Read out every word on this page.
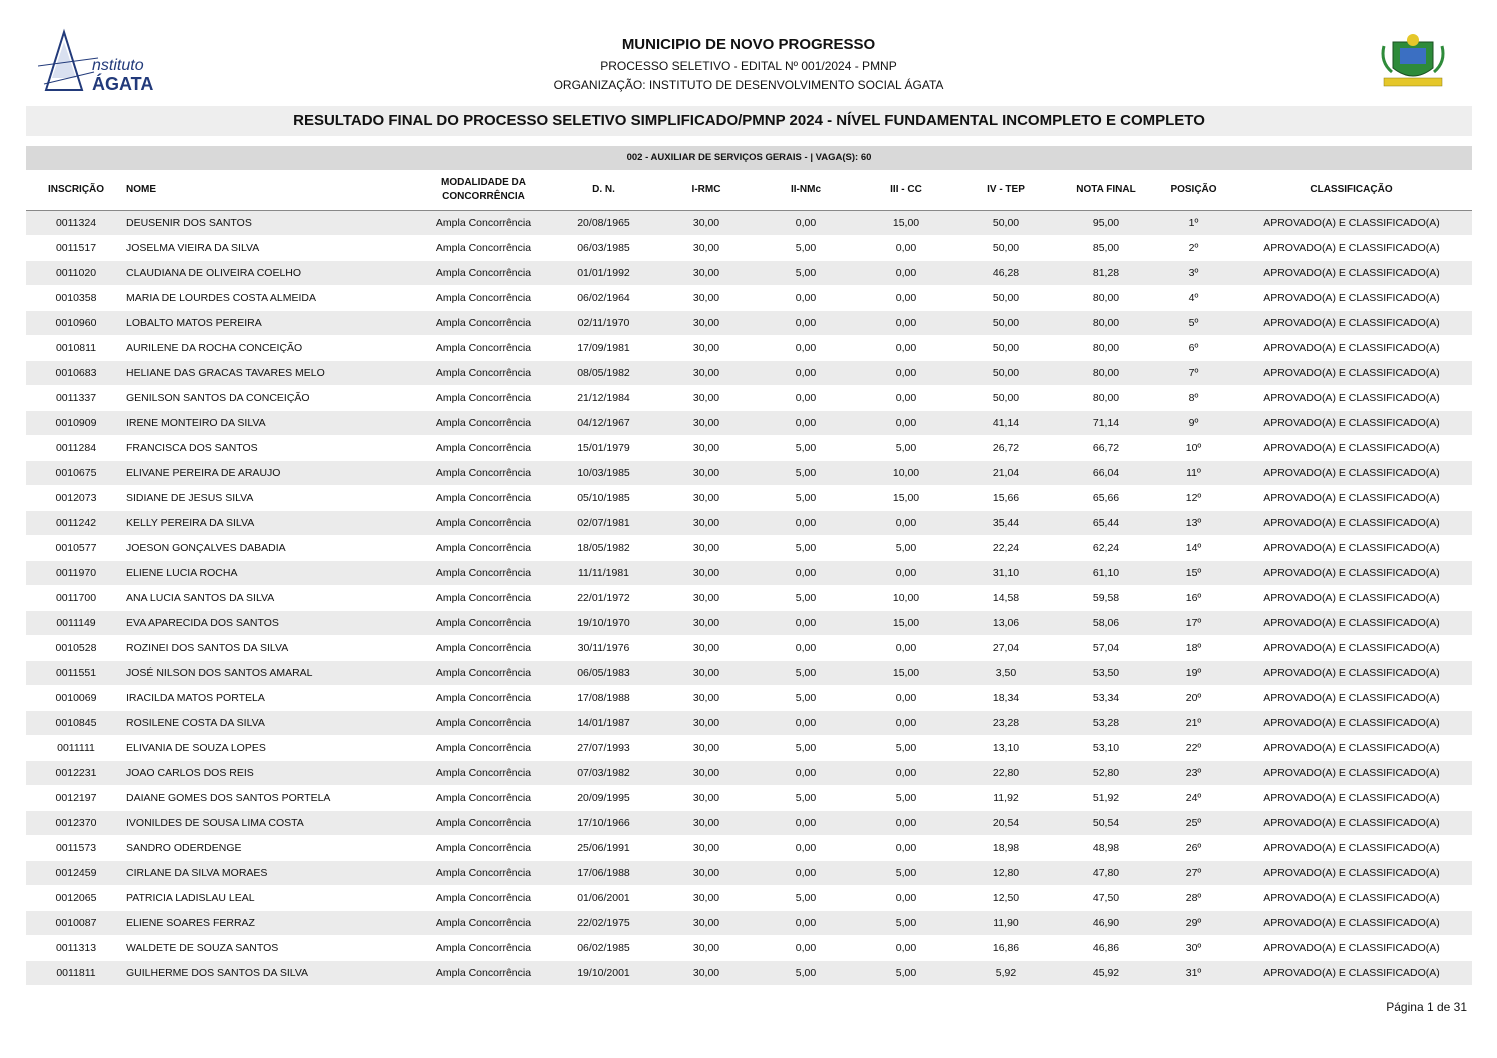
nstituto
ÁGATA
MUNICIPIO DE NOVO PROGRESSO
PROCESSO SELETIVO - EDITAL Nº 001/2024 - PMNP
ORGANIZAÇÃO: INSTITUTO DE DESENVOLVIMENTO SOCIAL ÁGATA
RESULTADO FINAL DO PROCESSO SELETIVO SIMPLIFICADO/PMNP 2024 - NÍVEL FUNDAMENTAL INCOMPLETO E COMPLETO
002 - AUXILIAR DE SERVIÇOS GERAIS - | VAGA(S): 60
INSCRIÇÃO	NOME	MODALIDADE DA CONCORRÊNCIA	D. N.	I-RMC	II-NMc	III - CC	IV - TEP	NOTA FINAL	POSIÇÃO	CLASSIFICAÇÃO
0011324	DEUSENIR DOS SANTOS	Ampla Concorrência	20/08/1965	30,00	0,00	15,00	50,00	95,00	1º	APROVADO(A) E CLASSIFICADO(A)
0011517	JOSELMA VIEIRA DA SILVA	Ampla Concorrência	06/03/1985	30,00	5,00	0,00	50,00	85,00	2º	APROVADO(A) E CLASSIFICADO(A)
0011020	CLAUDIANA DE OLIVEIRA COELHO	Ampla Concorrência	01/01/1992	30,00	5,00	0,00	46,28	81,28	3º	APROVADO(A) E CLASSIFICADO(A)
0010358	MARIA DE LOURDES COSTA ALMEIDA	Ampla Concorrência	06/02/1964	30,00	0,00	0,00	50,00	80,00	4º	APROVADO(A) E CLASSIFICADO(A)
0010960	LOBALTO MATOS PEREIRA	Ampla Concorrência	02/11/1970	30,00	0,00	0,00	50,00	80,00	5º	APROVADO(A) E CLASSIFICADO(A)
0010811	AURILENE DA ROCHA CONCEIÇÃO	Ampla Concorrência	17/09/1981	30,00	0,00	0,00	50,00	80,00	6º	APROVADO(A) E CLASSIFICADO(A)
0010683	HELIANE DAS GRACAS TAVARES MELO	Ampla Concorrência	08/05/1982	30,00	0,00	0,00	50,00	80,00	7º	APROVADO(A) E CLASSIFICADO(A)
0011337	GENILSON SANTOS DA CONCEIÇÃO	Ampla Concorrência	21/12/1984	30,00	0,00	0,00	50,00	80,00	8º	APROVADO(A) E CLASSIFICADO(A)
0010909	IRENE MONTEIRO DA SILVA	Ampla Concorrência	04/12/1967	30,00	0,00	0,00	41,14	71,14	9º	APROVADO(A) E CLASSIFICADO(A)
0011284	FRANCISCA DOS SANTOS	Ampla Concorrência	15/01/1979	30,00	5,00	5,00	26,72	66,72	10º	APROVADO(A) E CLASSIFICADO(A)
0010675	ELIVANE PEREIRA DE ARAUJO	Ampla Concorrência	10/03/1985	30,00	5,00	10,00	21,04	66,04	11º	APROVADO(A) E CLASSIFICADO(A)
0012073	SIDIANE DE JESUS SILVA	Ampla Concorrência	05/10/1985	30,00	5,00	15,00	15,66	65,66	12º	APROVADO(A) E CLASSIFICADO(A)
0011242	KELLY PEREIRA DA SILVA	Ampla Concorrência	02/07/1981	30,00	0,00	0,00	35,44	65,44	13º	APROVADO(A) E CLASSIFICADO(A)
0010577	JOESON GONÇALVES DABADIA	Ampla Concorrência	18/05/1982	30,00	5,00	5,00	22,24	62,24	14º	APROVADO(A) E CLASSIFICADO(A)
0011970	ELIENE LUCIA ROCHA	Ampla Concorrência	11/11/1981	30,00	0,00	0,00	31,10	61,10	15º	APROVADO(A) E CLASSIFICADO(A)
0011700	ANA LUCIA SANTOS DA SILVA	Ampla Concorrência	22/01/1972	30,00	5,00	10,00	14,58	59,58	16º	APROVADO(A) E CLASSIFICADO(A)
0011149	EVA APARECIDA DOS SANTOS	Ampla Concorrência	19/10/1970	30,00	0,00	15,00	13,06	58,06	17º	APROVADO(A) E CLASSIFICADO(A)
0010528	ROZINEI DOS SANTOS DA SILVA	Ampla Concorrência	30/11/1976	30,00	0,00	0,00	27,04	57,04	18º	APROVADO(A) E CLASSIFICADO(A)
0011551	JOSÉ NILSON DOS SANTOS AMARAL	Ampla Concorrência	06/05/1983	30,00	5,00	15,00	3,50	53,50	19º	APROVADO(A) E CLASSIFICADO(A)
0010069	IRACILDA MATOS PORTELA	Ampla Concorrência	17/08/1988	30,00	5,00	0,00	18,34	53,34	20º	APROVADO(A) E CLASSIFICADO(A)
0010845	ROSILENE COSTA DA SILVA	Ampla Concorrência	14/01/1987	30,00	0,00	0,00	23,28	53,28	21º	APROVADO(A) E CLASSIFICADO(A)
0011111	ELIVANIA DE SOUZA LOPES	Ampla Concorrência	27/07/1993	30,00	5,00	5,00	13,10	53,10	22º	APROVADO(A) E CLASSIFICADO(A)
0012231	JOAO CARLOS DOS REIS	Ampla Concorrência	07/03/1982	30,00	0,00	0,00	22,80	52,80	23º	APROVADO(A) E CLASSIFICADO(A)
0012197	DAIANE GOMES DOS SANTOS PORTELA	Ampla Concorrência	20/09/1995	30,00	5,00	5,00	11,92	51,92	24º	APROVADO(A) E CLASSIFICADO(A)
0012370	IVONILDES DE SOUSA LIMA COSTA	Ampla Concorrência	17/10/1966	30,00	0,00	0,00	20,54	50,54	25º	APROVADO(A) E CLASSIFICADO(A)
0011573	SANDRO ODERDENGE	Ampla Concorrência	25/06/1991	30,00	0,00	0,00	18,98	48,98	26º	APROVADO(A) E CLASSIFICADO(A)
0012459	CIRLANE DA SILVA MORAES	Ampla Concorrência	17/06/1988	30,00	0,00	5,00	12,80	47,80	27º	APROVADO(A) E CLASSIFICADO(A)
0012065	PATRICIA LADISLAU LEAL	Ampla Concorrência	01/06/2001	30,00	5,00	0,00	12,50	47,50	28º	APROVADO(A) E CLASSIFICADO(A)
0010087	ELIENE SOARES FERRAZ	Ampla Concorrência	22/02/1975	30,00	0,00	5,00	11,90	46,90	29º	APROVADO(A) E CLASSIFICADO(A)
0011313	WALDETE DE SOUZA SANTOS	Ampla Concorrência	06/02/1985	30,00	0,00	0,00	16,86	46,86	30º	APROVADO(A) E CLASSIFICADO(A)
0011811	GUILHERME DOS SANTOS DA SILVA	Ampla Concorrência	19/10/2001	30,00	5,00	5,00	5,92	45,92	31º	APROVADO(A) E CLASSIFICADO(A)
Página 1 de 31
